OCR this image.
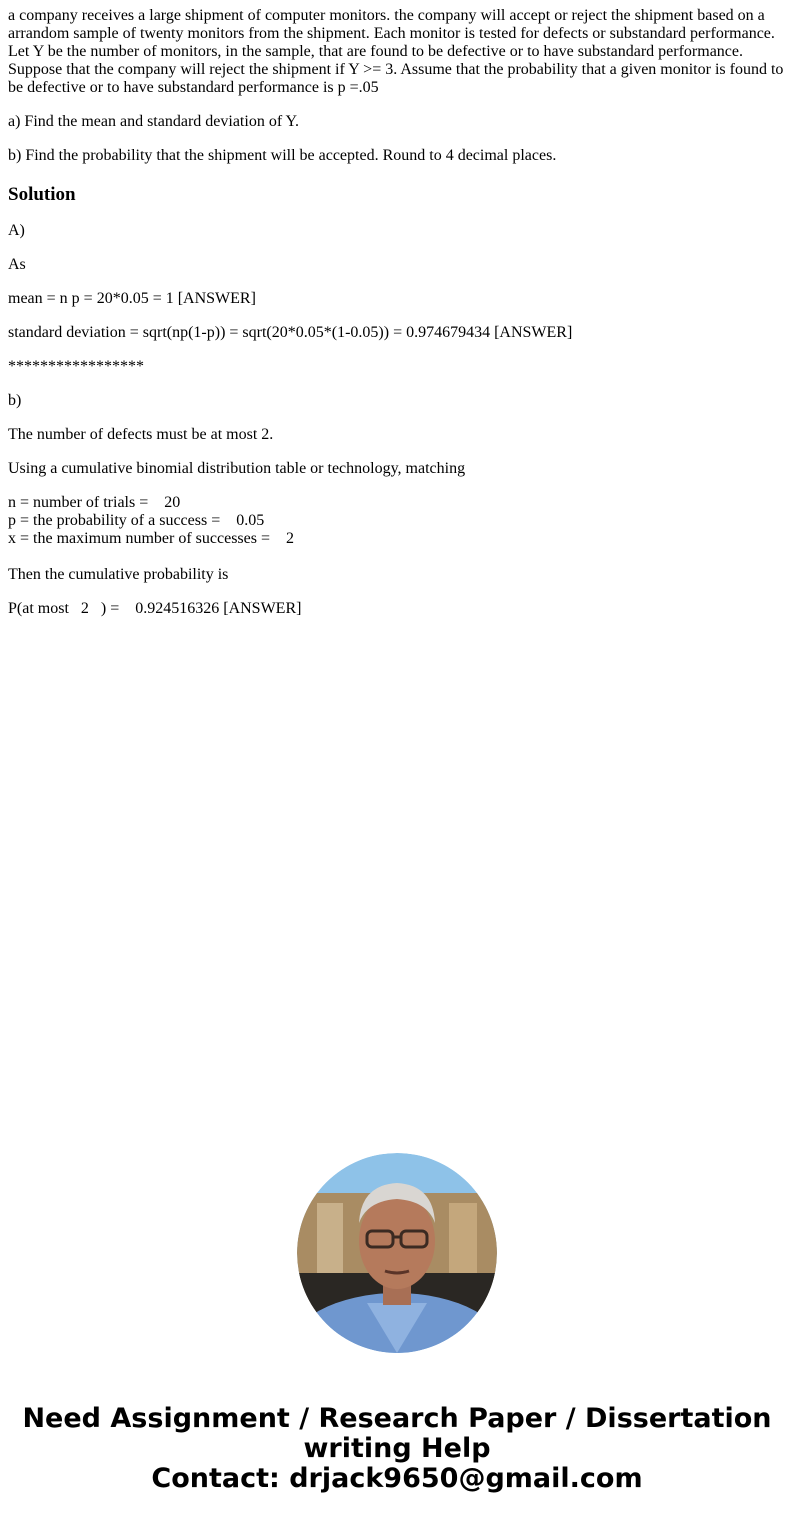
a company receives a large shipment of computer monitors. the company will accept or reject the shipment based on a arrandom sample of twenty monitors from the shipment. Each monitor is tested for defects or substandard performance. Let Y be the number of monitors, in the sample, that are found to be defective or to have substandard performance. Suppose that the company will reject the shipment if Y >= 3. Assume that the probability that a given monitor is found to be defective or to have substandard performance is p =.05

a) Find the mean and standard deviation of Y.

b) Find the probability that the shipment will be accepted. Round to 4 decimal places.

Solution

A)

As

mean = n p = 20*0.05 = 1 [ANSWER]

standard deviation = sqrt(np(1-p)) = sqrt(20*0.05*(1-0.05)) = 0.974679434 [ANSWER]

*****************

b)

The number of defects must be at most 2.

Using a cumulative binomial distribution table or technology, matching

n = number of trials =    20
p = the probability of a success =    0.05
x = the maximum number of successes =    2

Then the cumulative probability is

P(at most   2   ) =    0.924516326 [ANSWER]

Need Assignment / Research Paper / Dissertation
writing Help
Contact: drjack9650@gmail.com
